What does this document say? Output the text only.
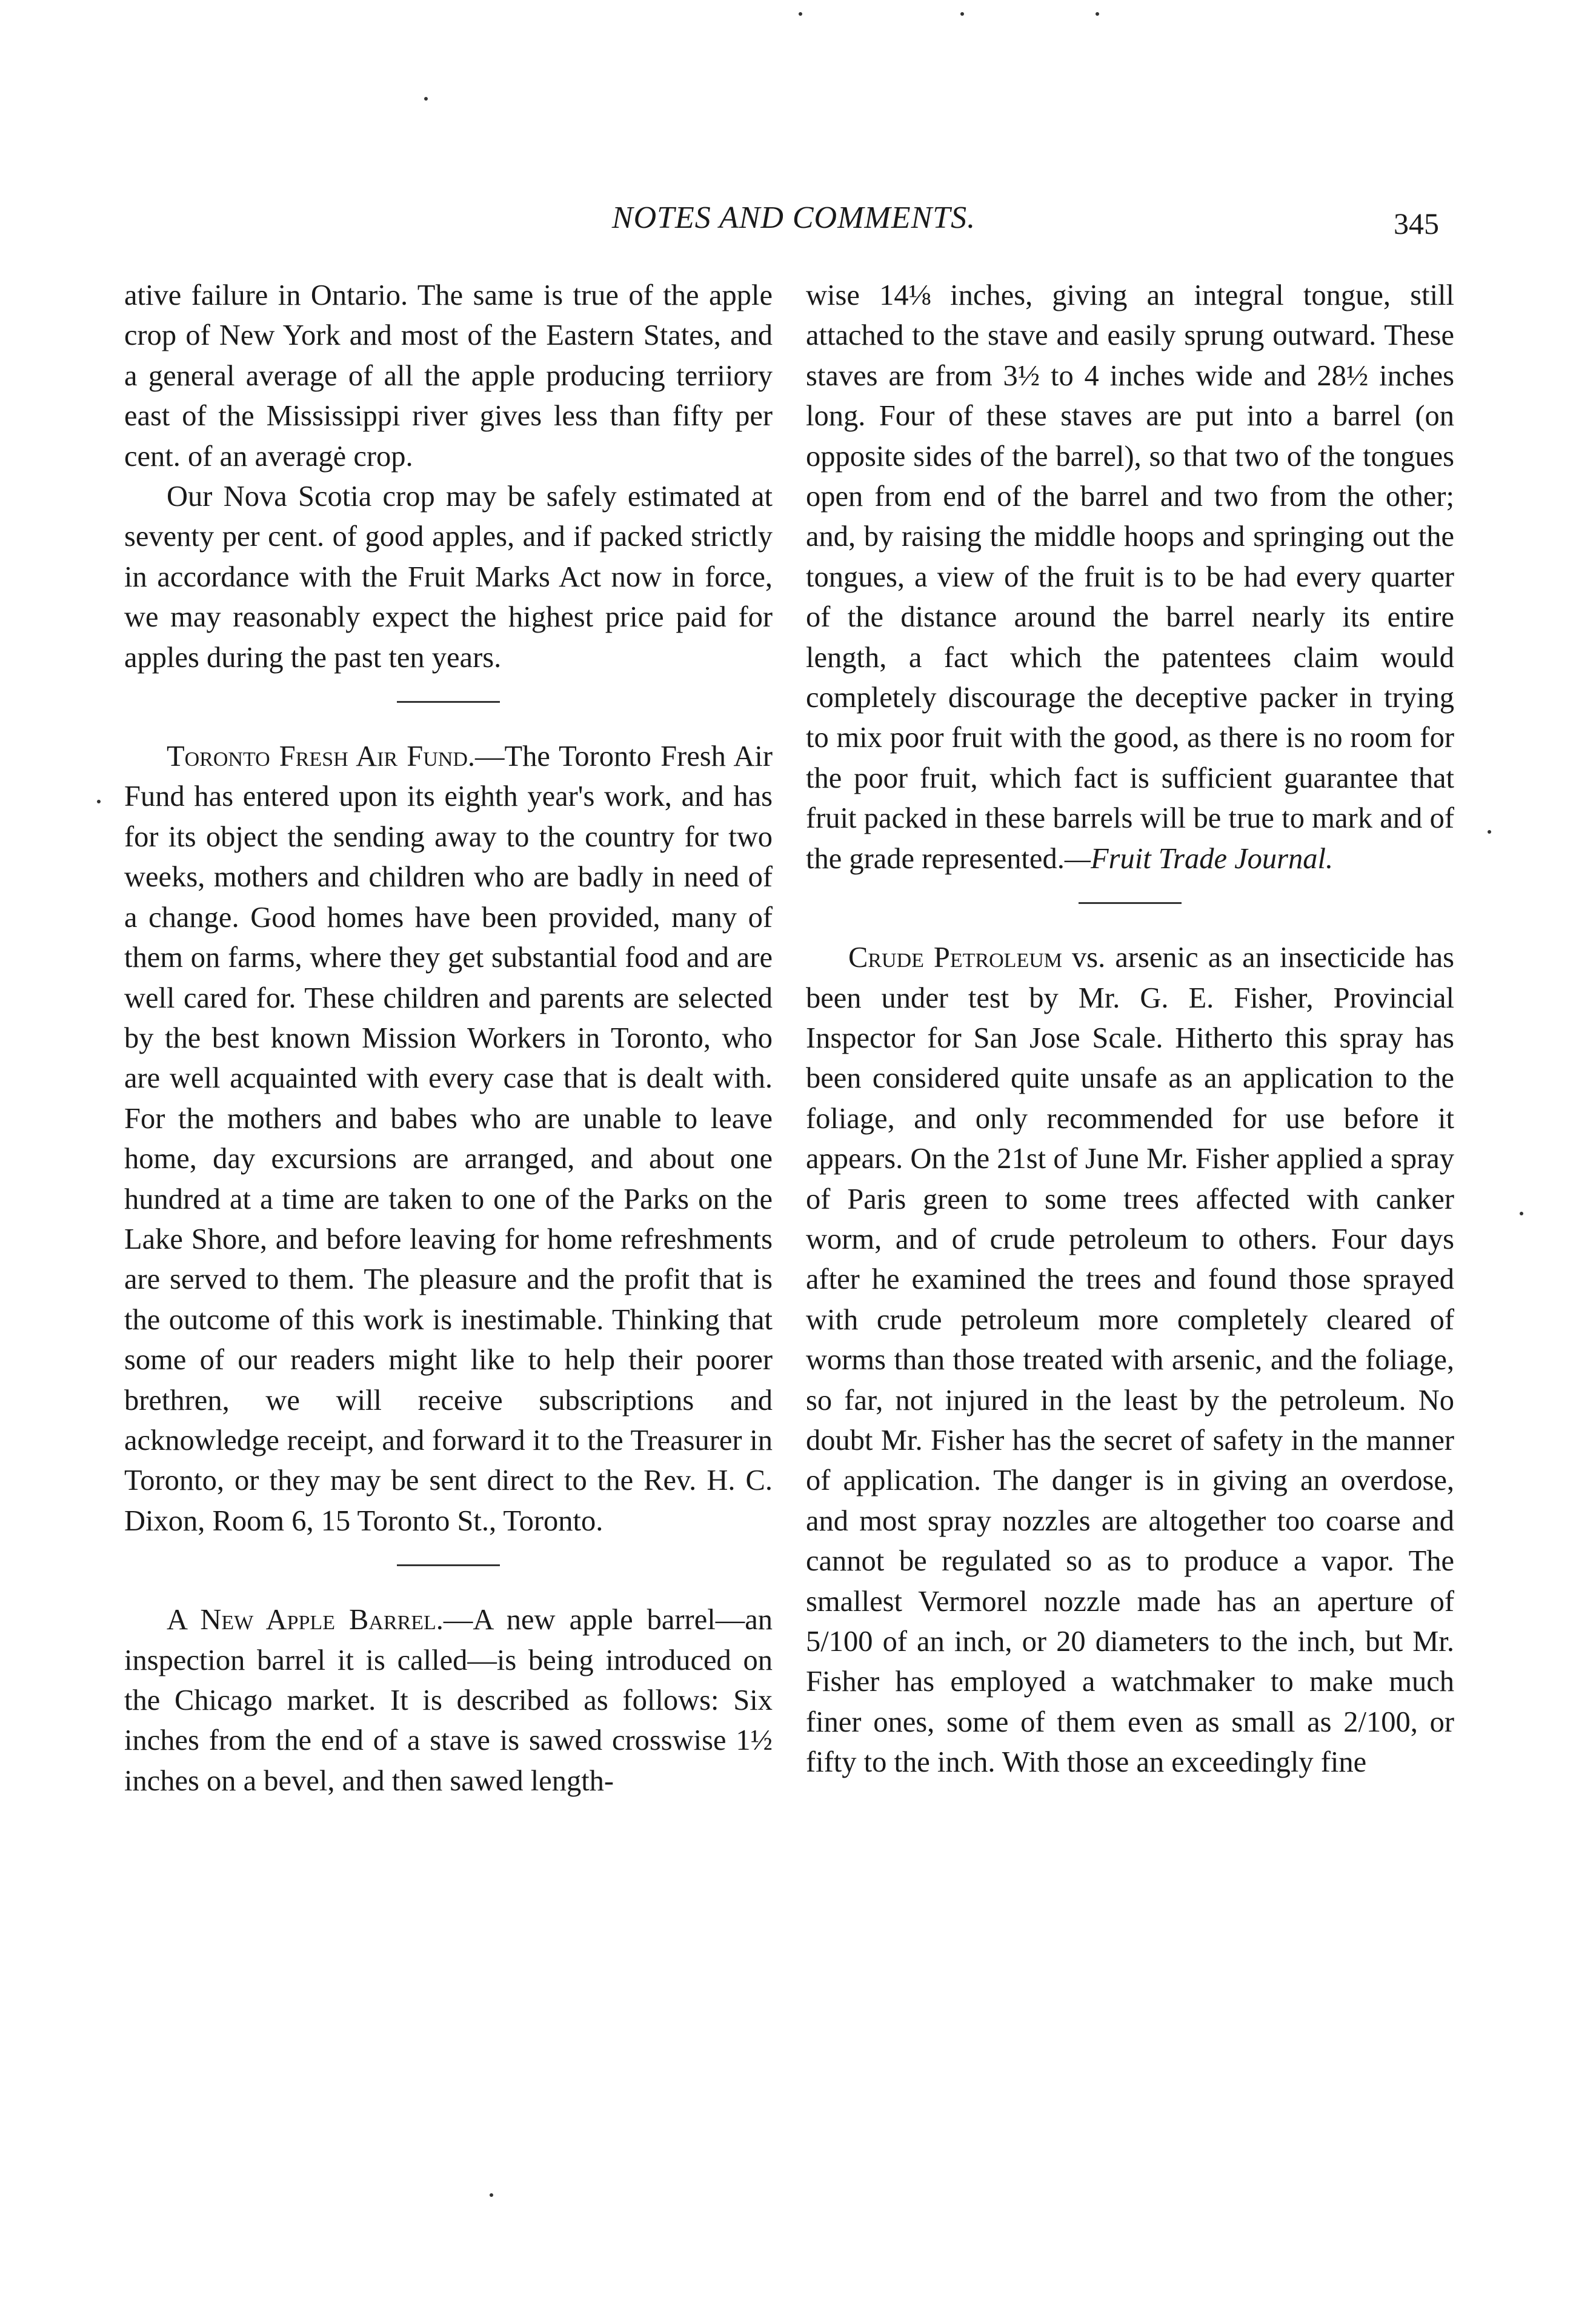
NOTES AND COMMENTS.	345

ative failure in Ontario. The same is true of the apple crop of New York and most of the Eastern States, and a general average of all the apple producing terriiory east of the Mississippi river gives less than fifty per cent. of an averagė crop.

Our Nova Scotia crop may be safely estimated at seventy per cent. of good apples, and if packed strictly in accordance with the Fruit Marks Act now in force, we may reasonably expect the highest price paid for apples during the past ten years.

Toronto Fresh Air Fund.—The Toronto Fresh Air Fund has entered upon its eighth year's work, and has for its object the sending away to the country for two weeks, mothers and children who are badly in need of a change. Good homes have been provided, many of them on farms, where they get substantial food and are well cared for. These children and parents are selected by the best known Mission Workers in Toronto, who are well acquainted with every case that is dealt with. For the mothers and babes who are unable to leave home, day excursions are arranged, and about one hundred at a time are taken to one of the Parks on the Lake Shore, and before leaving for home refreshments are served to them. The pleasure and the profit that is the outcome of this work is inestimable. Thinking that some of our readers might like to help their poorer brethren, we will receive subscriptions and acknowledge receipt, and forward it to the Treasurer in Toronto, or they may be sent direct to the Rev. H. C. Dixon, Room 6, 15 Toronto St., Toronto.

A New Apple Barrel.—A new apple barrel—an inspection barrel it is called—is being introduced on the Chicago market. It is described as follows: Six inches from the end of a stave is sawed crosswise 1½ inches on a bevel, and then sawed length-

wise 14⅛ inches, giving an integral tongue, still attached to the stave and easily sprung outward. These staves are from 3½ to 4 inches wide and 28½ inches long. Four of these staves are put into a barrel (on opposite sides of the barrel), so that two of the tongues open from end of the barrel and two from the other; and, by raising the middle hoops and springing out the tongues, a view of the fruit is to be had every quarter of the distance around the barrel nearly its entire length, a fact which the patentees claim would completely discourage the deceptive packer in trying to mix poor fruit with the good, as there is no room for the poor fruit, which fact is sufficient guarantee that fruit packed in these barrels will be true to mark and of the grade represented.—Fruit Trade Journal.

Crude Petroleum vs. arsenic as an insecticide has been under test by Mr. G. E. Fisher, Provincial Inspector for San Jose Scale. Hitherto this spray has been considered quite unsafe as an application to the foliage, and only recommended for use before it appears. On the 21st of June Mr. Fisher applied a spray of Paris green to some trees affected with canker worm, and of crude petroleum to others. Four days after he examined the trees and found those sprayed with crude petroleum more completely cleared of worms than those treated with arsenic, and the foliage, so far, not injured in the least by the petroleum. No doubt Mr. Fisher has the secret of safety in the manner of application. The danger is in giving an overdose, and most spray nozzles are altogether too coarse and cannot be regulated so as to produce a vapor. The smallest Vermorel nozzle made has an aperture of 5/100 of an inch, or 20 diameters to the inch, but Mr. Fisher has employed a watchmaker to make much finer ones, some of them even as small as 2/100, or fifty to the inch. With those an exceedingly fine
